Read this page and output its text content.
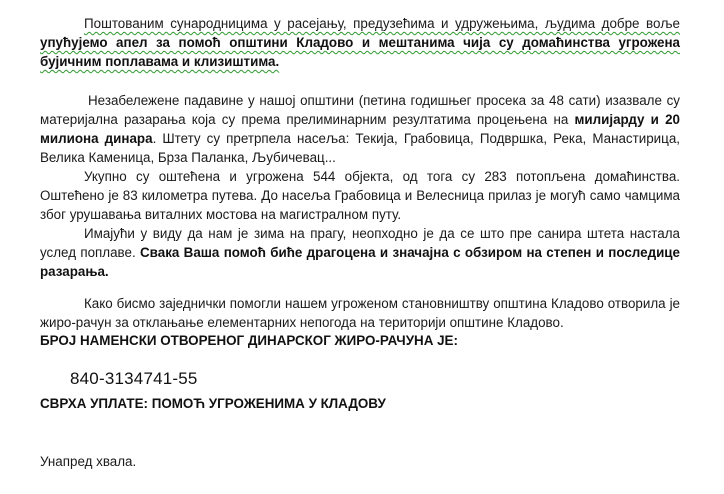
Поштованим сународницима у расејању, предузећима и удружењима, људима добре воље упућујемо апел за помоћ општини Кладово и мештанима чија су домаћинства угрожена бујичним поплавама и клизиштима.
Незабележене падавине у нашој општини (петина годишњег просека за 48 сати) изазвале су материјална разарања која су према прелиминарним резултатима процењена на милијарду и 20 милиона динара. Штету су претрпела насеља: Текија, Грабовица, Подвршка, Река, Манастирица, Велика Каменица, Брза Паланка, Љубичевац...
Укупно су оштећена и угрожена 544 објекта, од тога су 283 потопљена домаћинства. Оштећено је 83 километра путева. До насеља Грабовица и Велесница прилаз је могућ само чамцима због урушавања виталних мостова на магистралном путу.
Имајући у виду да нам је зима на прагу, неопходно је да се што пре санира штета настала услед поплаве. Свака Ваша помоћ биће драгоцена и значајна с обзиром на степен и последице разарања.
Како бисмо заједнички помогли нашем угроженом становништву општина Кладово отворила је жиро-рачун за отклањање елементарних непогода на територији општине Кладово.
БРОЈ НАМЕНСКИ ОТВОРЕНОГ ДИНАРСКОГ ЖИРО-РАЧУНА ЈЕ:
840-3134741-55
СВРХА УПЛАТЕ: ПОМОЋ УГРОЖЕНИМА У КЛАДОВУ
Унапред хвала.
